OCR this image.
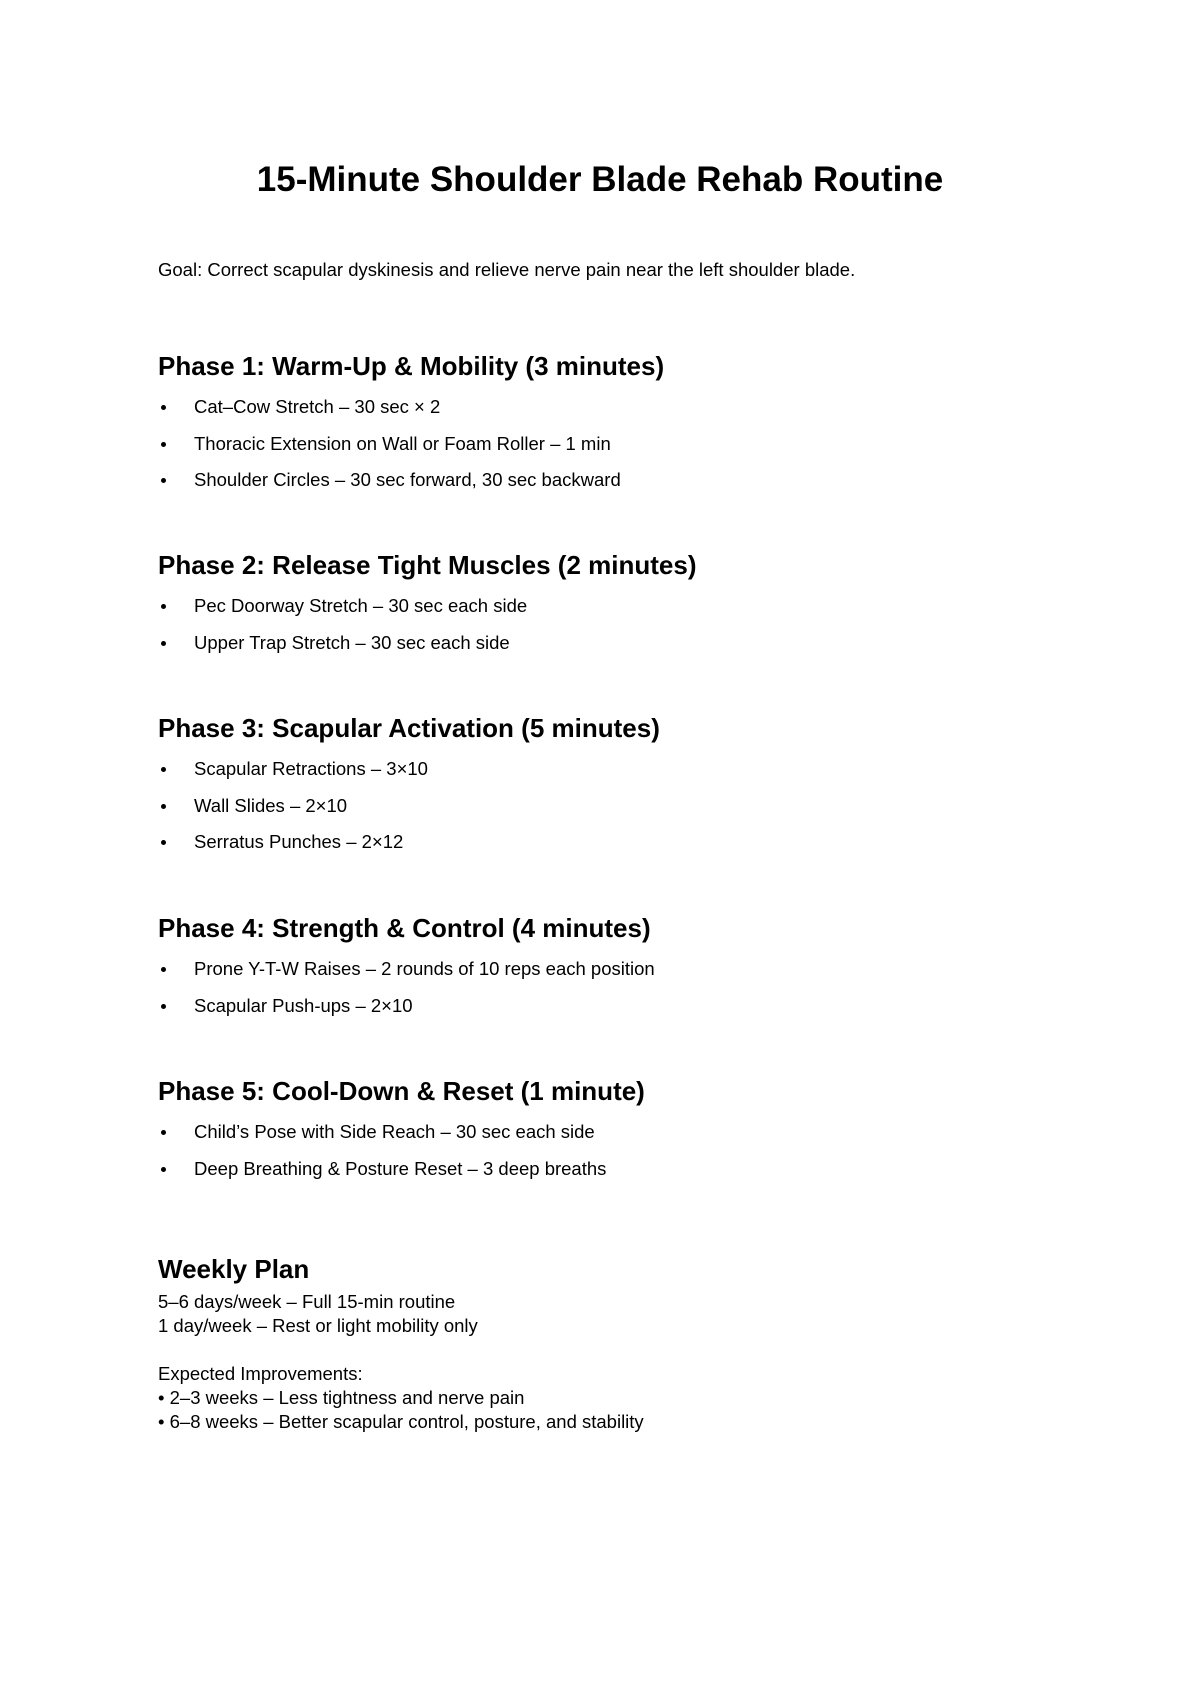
15-Minute Shoulder Blade Rehab Routine

Goal: Correct scapular dyskinesis and relieve nerve pain near the left shoulder blade.

Phase 1: Warm-Up & Mobility (3 minutes)
Cat–Cow Stretch – 30 sec × 2
Thoracic Extension on Wall or Foam Roller – 1 min
Shoulder Circles – 30 sec forward, 30 sec backward
Phase 2: Release Tight Muscles (2 minutes)
Pec Doorway Stretch – 30 sec each side
Upper Trap Stretch – 30 sec each side
Phase 3: Scapular Activation (5 minutes)
Scapular Retractions – 3×10
Wall Slides – 2×10
Serratus Punches – 2×12
Phase 4: Strength & Control (4 minutes)
Prone Y-T-W Raises – 2 rounds of 10 reps each position
Scapular Push-ups – 2×10
Phase 5: Cool-Down & Reset (1 minute)
Child’s Pose with Side Reach – 30 sec each side
Deep Breathing & Posture Reset – 3 deep breaths
Weekly Plan

5–6 days/week – Full 15-min routine

1 day/week – Rest or light mobility only

Expected Improvements:

• 2–3 weeks – Less tightness and nerve pain

• 6–8 weeks – Better scapular control, posture, and stability
